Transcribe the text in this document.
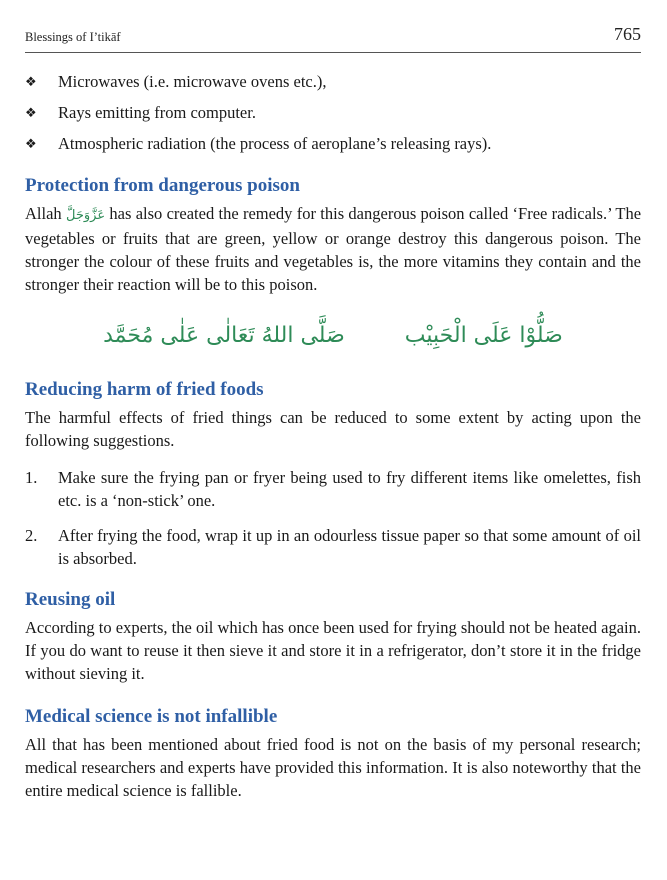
Blessings of I’tikāf	765
❖ Microwaves (i.e. microwave ovens etc.),
❖ Rays emitting from computer.
❖ Atmospheric radiation (the process of aeroplane’s releasing rays).
Protection from dangerous poison

Allah عَزَّوَجَلَّ has also created the remedy for this dangerous poison called ‘Free radicals.’ The vegetables or fruits that are green, yellow or orange destroy this dangerous poison. The stronger the colour of these fruits and vegetables is, the more vitamins they contain and the stronger their reaction will be to this poison.

صَلَّى اللهُ تَعَالٰى عَلٰى مُحَمَّد	صَلُّوْا عَلَى الْحَبِيْب
Reducing harm of fried foods

The harmful effects of fried things can be reduced to some extent by acting upon the following suggestions.

1. Make sure the frying pan or fryer being used to fry different items like omelettes, fish etc. is a ‘non-stick’ one.
2. After frying the food, wrap it up in an odourless tissue paper so that some amount of oil is absorbed.
Reusing oil

According to experts, the oil which has once been used for frying should not be heated again. If you do want to reuse it then sieve it and store it in a refrigerator, don’t store it in the fridge without sieving it.

Medical science is not infallible

All that has been mentioned about fried food is not on the basis of my personal research; medical researchers and experts have provided this information. It is also noteworthy that the entire medical science is fallible.
